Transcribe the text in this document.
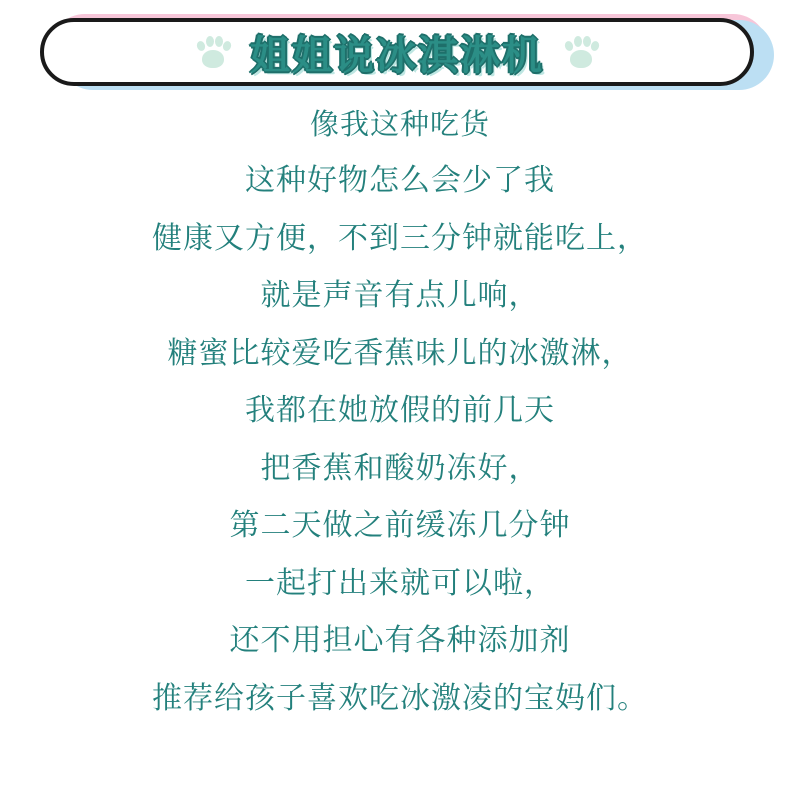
姐姐说冰淇淋机

像我这种吃货

这种好物怎么会少了我

健康又方便，不到三分钟就能吃上，

就是声音有点儿响，

糖蜜比较爱吃香蕉味儿的冰激淋，

我都在她放假的前几天

把香蕉和酸奶冻好，

第二天做之前缓冻几分钟

一起打出来就可以啦，

还不用担心有各种添加剂

推荐给孩子喜欢吃冰激凌的宝妈们。
